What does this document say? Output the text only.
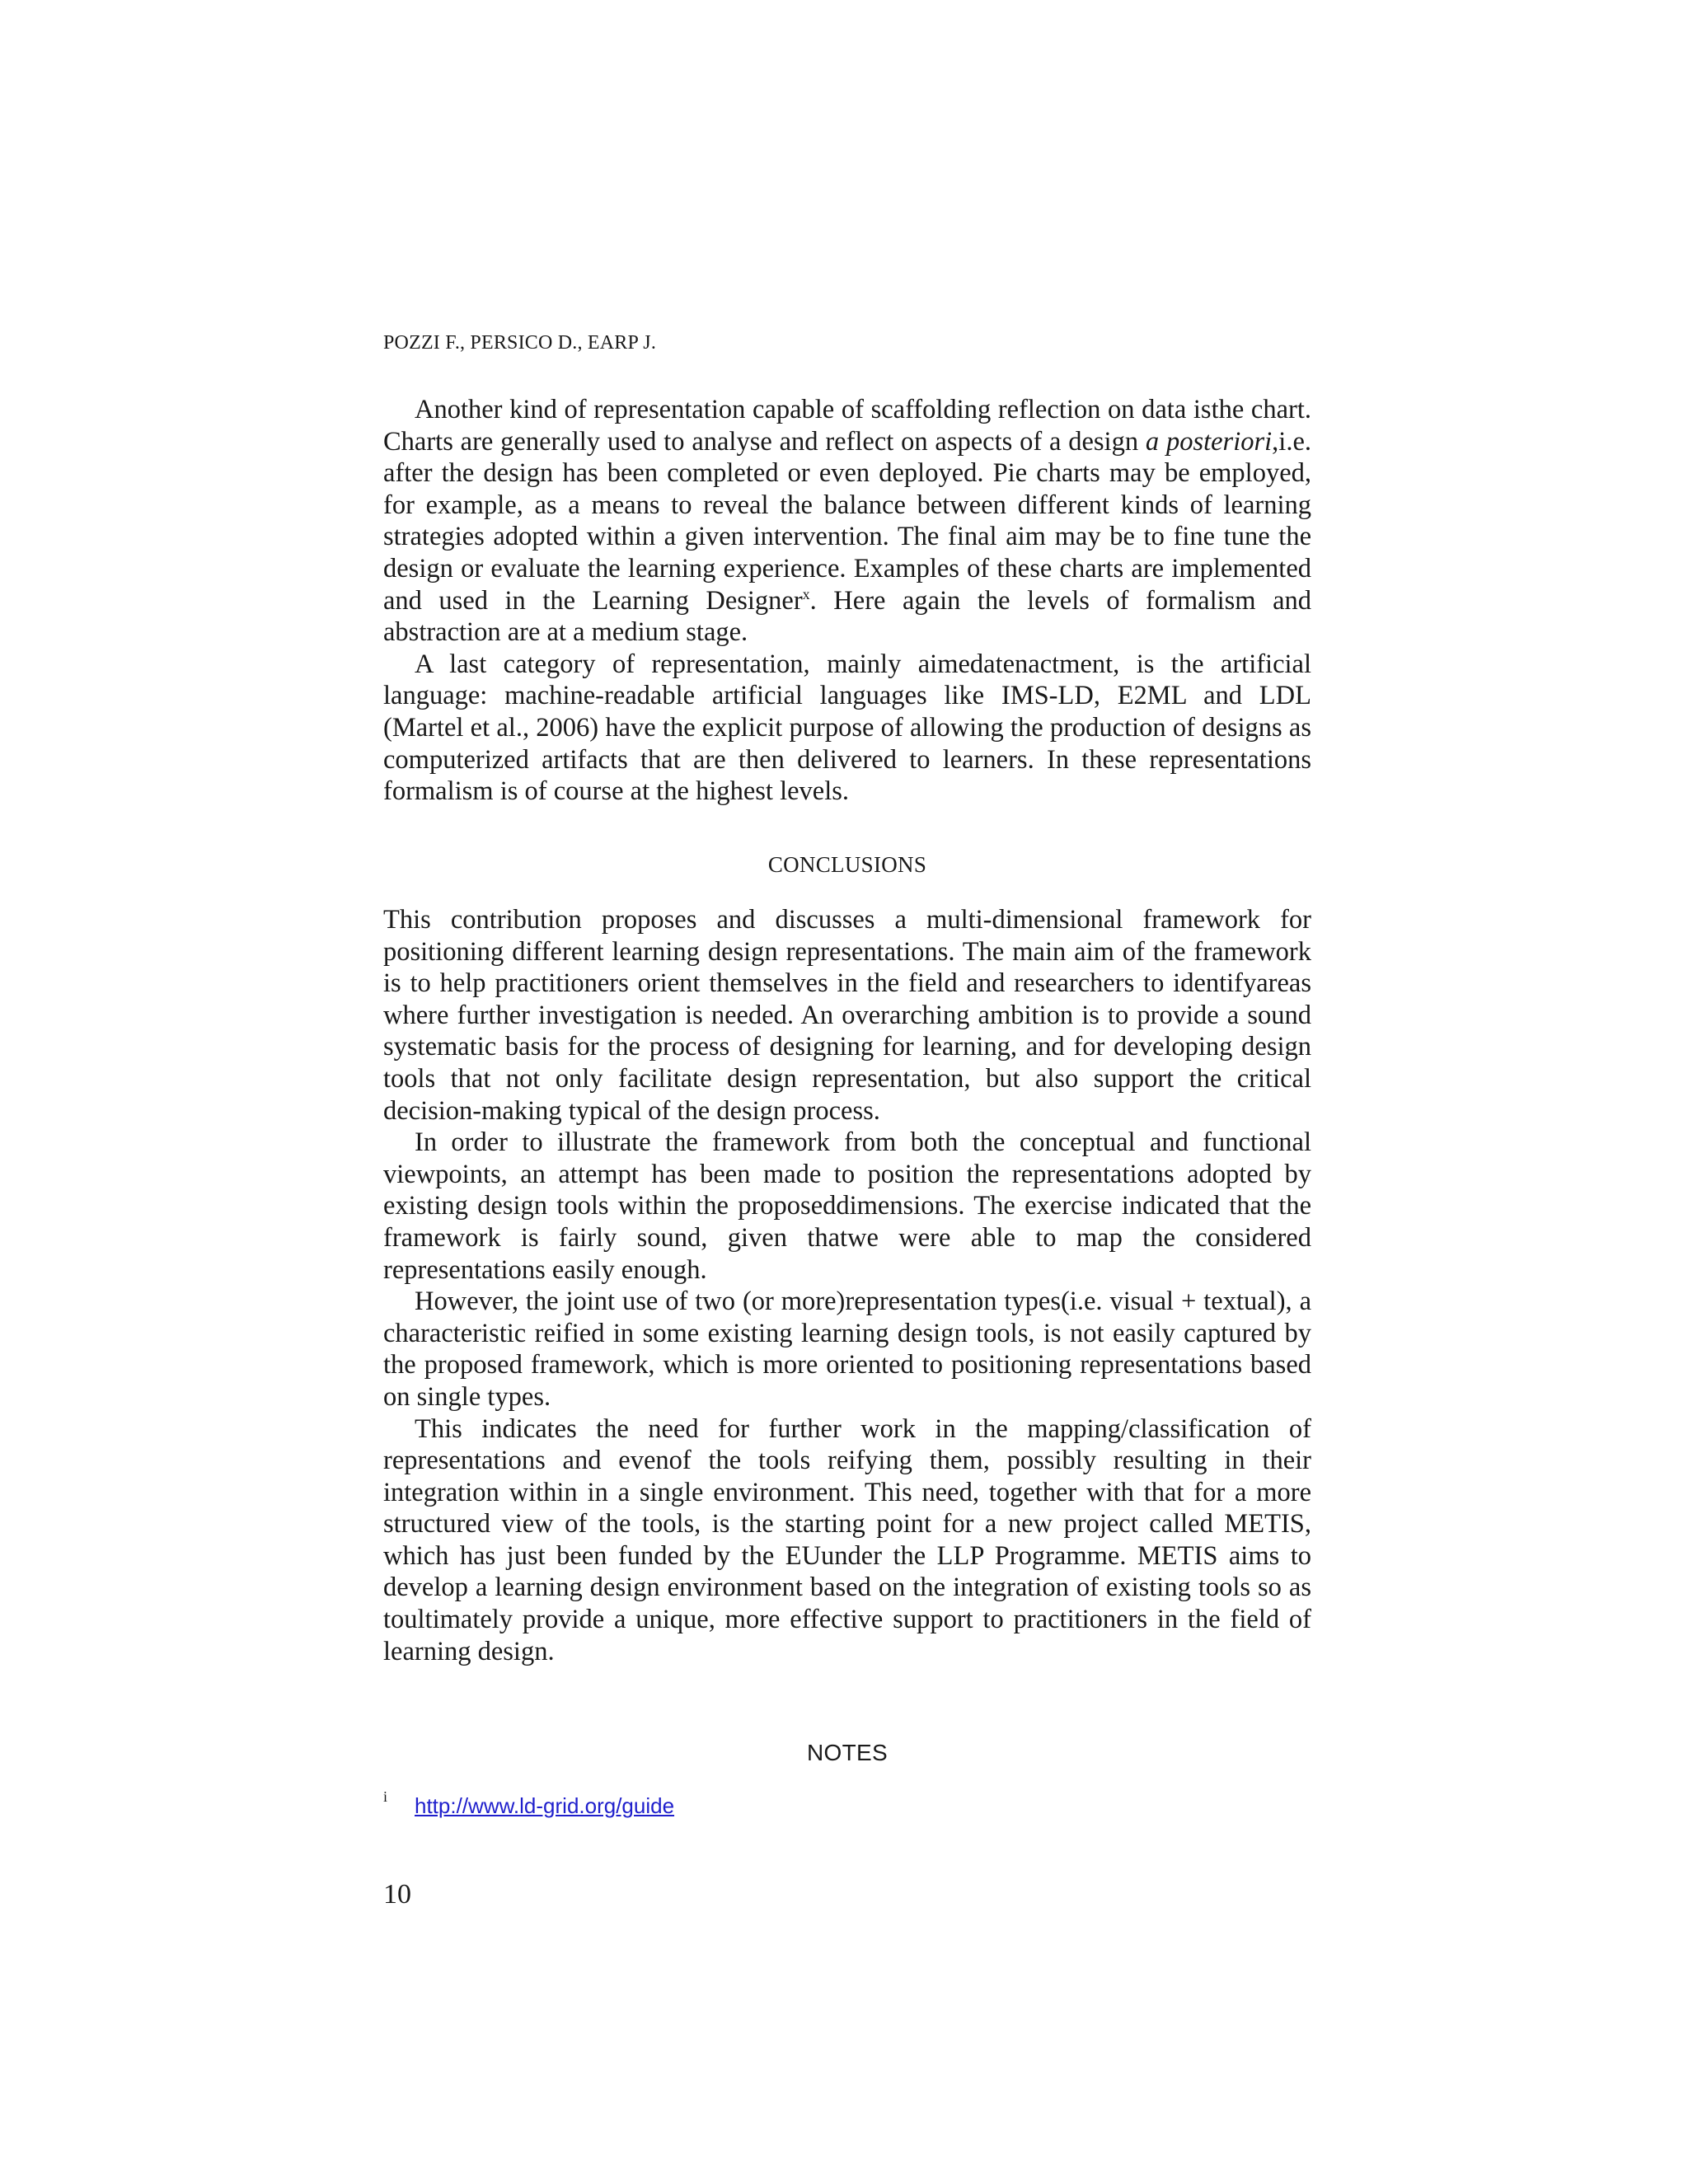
POZZI F., PERSICO D., EARP J.

Another kind of representation capable of scaffolding reflection on data isthe chart. Charts are generally used to analyse and reflect on aspects of a design a posteriori,i.e. after the design has been completed or even deployed. Pie charts may be employed, for example, as a means to reveal the balance between different kinds of learning strategies adopted within a given intervention. The final aim may be to fine tune the design or evaluate the learning experience. Examples of these charts are implemented and used in the Learning Designer$^x$. Here again the levels of formalism and abstraction are at a medium stage.

A last category of representation, mainly aimedatenactment, is the artificial language: machine-readable artificial languages like IMS-LD, E2ML and LDL (Martel et al., 2006) have the explicit purpose of allowing the production of designs as computerized artifacts that are then delivered to learners. In these representations formalism is of course at the highest levels.

CONCLUSIONS

This contribution proposes and discusses a multi-dimensional framework for positioning different learning design representations. The main aim of the framework is to help practitioners orient themselves in the field and researchers to identifyareas where further investigation is needed. An overarching ambition is to provide a sound systematic basis for the process of designing for learning, and for developing design tools that not only facilitate design representation, but also support the critical decision-making typical of the design process.

In order to illustrate the framework from both the conceptual and functional viewpoints, an attempt has been made to position the representations adopted by existing design tools within the proposeddimensions. The exercise indicated that the framework is fairly sound, given thatwe were able to map the considered representations easily enough.

However, the joint use of two (or more)representation types(i.e. visual + textual), a characteristic reified in some existing learning design tools, is not easily captured by the proposed framework, which is more oriented to positioning representations based on single types.

This indicates the need for further work in the mapping/classification of representations and evenof the tools reifying them, possibly resulting in their integration within in a single environment. This need, together with that for a more structured view of the tools, is the starting point for a new project called METIS, which has just been funded by the EUunder the LLP Programme. METIS aims to develop a learning design environment based on the integration of existing tools so as toultimately provide a unique, more effective support to practitioners in the field of learning design.

NOTES
i http://www.ld-grid.org/guide
10
